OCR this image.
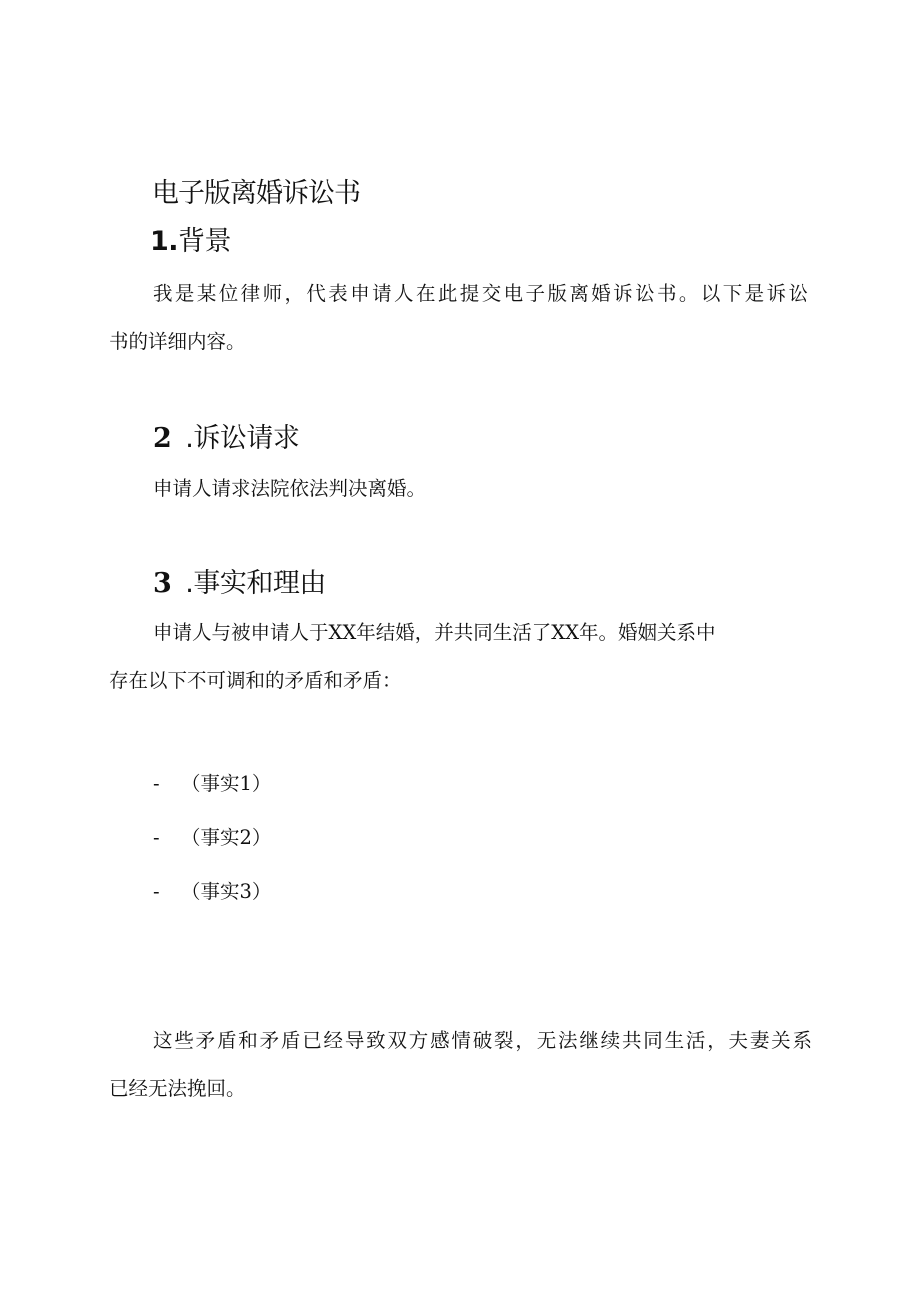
电子版离婚诉讼书
1.背景
我是某位律师，代表申请人在此提交电子版离婚诉讼书。以下是诉讼
书的详细内容。
2 .诉讼请求
申请人请求法院依法判决离婚。
3 .事实和理由
申请人与被申请人于XX年结婚，并共同生活了XX年。婚姻关系中
存在以下不可调和的矛盾和矛盾：
- （事实1）
- （事实2）
- （事实3）
这些矛盾和矛盾已经导致双方感情破裂，无法继续共同生活，夫妻关系
已经无法挽回。
